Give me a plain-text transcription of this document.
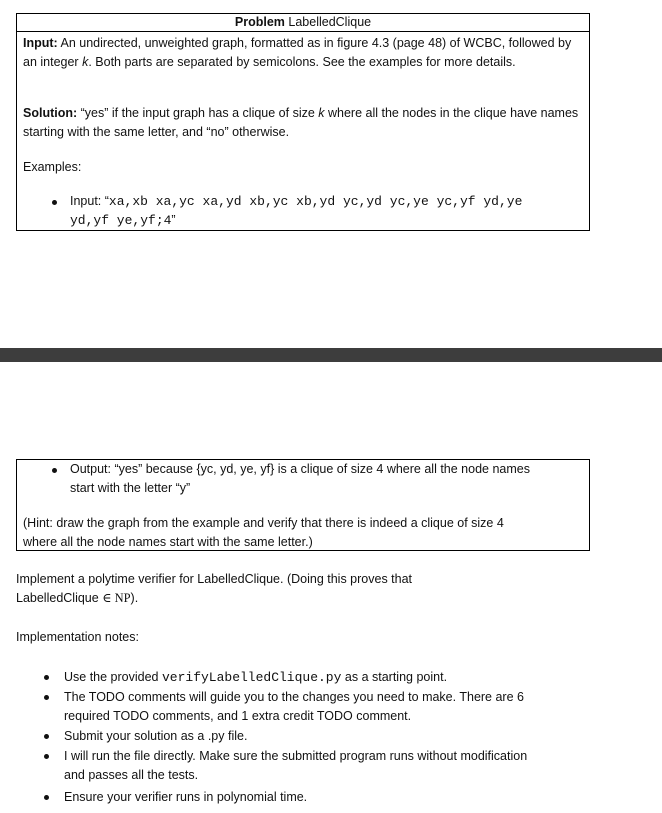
Problem LabelledClique
Input: An undirected, unweighted graph, formatted as in figure 4.3 (page 48) of WCBC, followed by an integer k. Both parts are separated by semicolons. See the examples for more details.
Solution: “yes” if the input graph has a clique of size k where all the nodes in the clique have names starting with the same letter, and “no” otherwise.
Examples:
Input: “xa,xb xa,yc xa,yd xb,yc xb,yd yc,yd yc,ye yc,yf yd,ye
yd,yf ye,yf;4”
Output: “yes” because {yc, yd, ye, yf} is a clique of size 4 where all the node names
start with the letter “y”
(Hint: draw the graph from the example and verify that there is indeed a clique of size 4
where all the node names start with the same letter.)
Implement a polytime verifier for LabelledClique. (Doing this proves that
LabelledClique ∈ NP).
Implementation notes:
Use the provided verifyLabelledClique.py as a starting point.
The TODO comments will guide you to the changes you need to make. There are 6
required TODO comments, and 1 extra credit TODO comment.
Submit your solution as a .py file.
I will run the file directly. Make sure the submitted program runs without modification
and passes all the tests.
Ensure your verifier runs in polynomial time.
